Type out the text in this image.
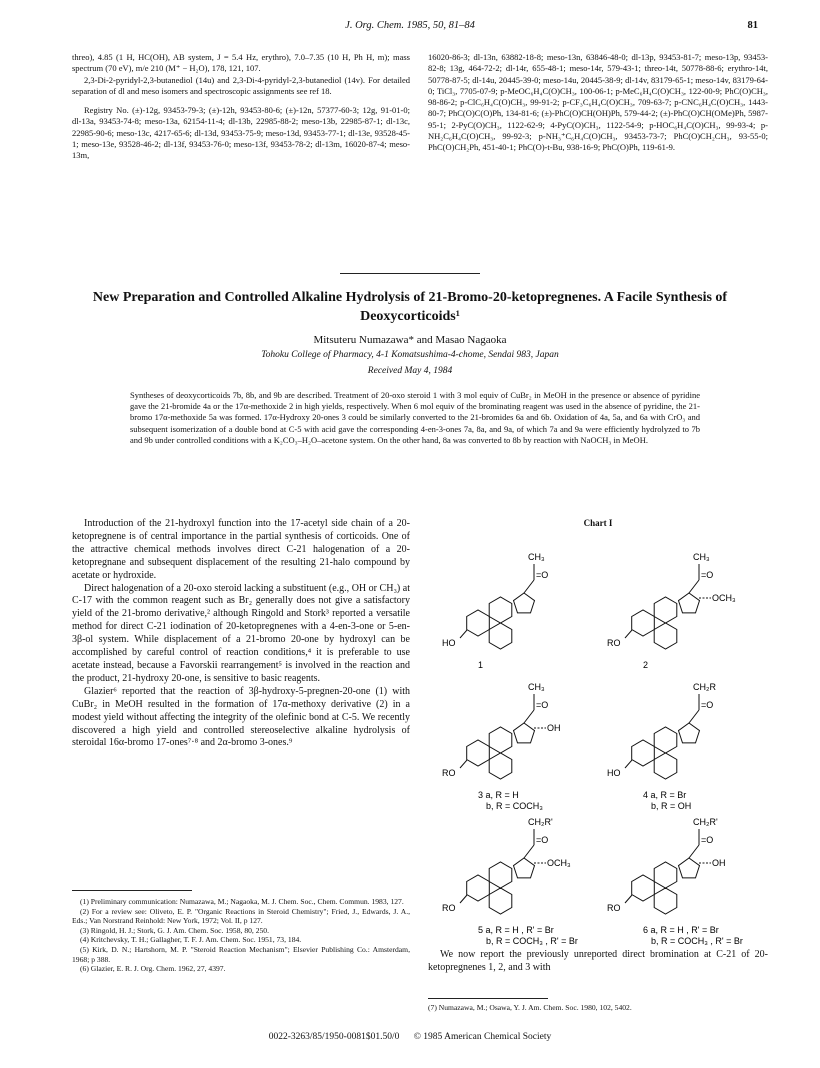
J. Org. Chem. 1985, 50, 81–84	81

threo), 4.85 (1 H, HC(OH), AB system, J = 5.4 Hz, erythro), 7.0–7.35 (10 H, Ph H, m); mass spectrum (70 eV), m/e 210 (M⁺ − H₂O), 178, 121, 107.

2,3-Di-2-pyridyl-2,3-butanediol (14u) and 2,3-Di-4-pyridyl-2,3-butanediol (14v). For detailed separation of dl and meso isomers and spectroscopic assignments see ref 18.

Registry No. (±)-12g, 93453-79-3; (±)-12h, 93453-80-6; (±)-12n, 57377-60-3; 12g, 91-01-0; dl-13a, 93453-74-8; meso-13a, 62154-11-4; dl-13b, 22985-88-2; meso-13b, 22985-87-1; dl-13c, 22985-90-6; meso-13c, 4217-65-6; dl-13d, 93453-75-9; meso-13d, 93453-77-1; dl-13e, 93528-45-1; meso-13e, 93528-46-2; dl-13f, 93453-76-0; meso-13f, 93453-78-2; dl-13m, 16020-87-4; meso-13m,

16020-86-3; dl-13n, 63882-18-8; meso-13n, 63846-48-0; dl-13p, 93453-81-7; meso-13p, 93453-82-8; 13g, 464-72-2; dl-14r, 655-48-1; meso-14r, 579-43-1; threo-14t, 50778-88-6; erythro-14t, 50778-87-5; dl-14u, 20445-39-0; meso-14u, 20445-38-9; dl-14v, 83179-65-1; meso-14v, 83179-64-0; TiCl₃, 7705-07-9; p-MeOC₆H₄C(O)CH₃, 100-06-1; p-MeC₆H₄C(O)CH₃, 122-00-9; PhC(O)CH₃, 98-86-2; p-ClC₆H₄C(O)CH₃, 99-91-2; p-CF₃C₆H₄C(O)CH₃, 709-63-7; p-CNC₆H₄C(O)CH₃, 1443-80-7; PhC(O)C(O)Ph, 134-81-6; (±)-PhC(O)CH(OH)Ph, 579-44-2; (±)-PhC(O)CH(OMe)Ph, 5987-95-1; 2-PyC(O)CH₃, 1122-62-9; 4-PyC(O)CH₃, 1122-54-9; p-HOC₆H₄C(O)CH₃, 99-93-4; p-NH₂C₆H₄C(O)CH₃, 99-92-3; p-NH₃⁺C₆H₄C(O)CH₃, 93453-73-7; PhC(O)CH₂CH₃, 93-55-0; PhC(O)CH₂Ph, 451-40-1; PhC(O)-t-Bu, 938-16-9; PhC(O)Ph, 119-61-9.

New Preparation and Controlled Alkaline Hydrolysis of 21-Bromo-20-ketopregnenes. A Facile Synthesis of Deoxycorticoids¹
Mitsuteru Numazawa* and Masao Nagaoka
Tohoku College of Pharmacy, 4-1 Komatsushima-4-chome, Sendai 983, Japan
Received May 4, 1984
Syntheses of deoxycorticoids 7b, 8b, and 9b are described. Treatment of 20-oxo steroid 1 with 3 mol equiv of CuBr₂ in MeOH in the presence or absence of pyridine gave the 21-bromide 4a or the 17α-methoxide 2 in high yields, respectively. When 6 mol equiv of the brominating reagent was used in the absence of pyridine, the 21-bromo 17α-methoxide 5a was formed. 17α-Hydroxy 20-ones 3 could be similarly converted to the 21-bromides 6a and 6b. Oxidation of 4a, 5a, and 6a with CrO₃ and subsequent isomerization of a double bond at C-5 with acid gave the corresponding 4-en-3-ones 7a, 8a, and 9a, of which 7a and 9a were efficiently hydrolyzed to 7b and 9b under controlled conditions with a K₂CO₃–H₂O–acetone system. On the other hand, 8a was converted to 8b by reaction with NaOCH₃ in MeOH.

Introduction of the 21-hydroxyl function into the 17-acetyl side chain of a 20-ketopregnene is of central importance in the partial synthesis of corticoids. One of the attractive chemical methods involves direct C-21 halogenation of a 20-ketopregnane and subsequent displacement of the resulting 21-halo compound by acetate or hydroxide.

Direct halogenation of a 20-oxo steroid lacking a substituent (e.g., OH or CH₃) at C-17 with the common reagent such as Br₂ generally does not give a satisfactory yield of the 21-bromo derivative,² although Ringold and Stork³ reported a versatile method for direct C-21 iodination of 20-ketopregnenes with a 4-en-3-one or 5-en-3β-ol system. While displacement of a 21-bromo 20-one by hydroxyl can be accomplished by careful control of reaction conditions,⁴ it is preferable to use acetate instead, because a Favorskii rearrangement⁵ is involved in the reaction and the product, 21-hydroxy 20-one, is sensitive to basic reagents.

Glazier⁶ reported that the reaction of 3β-hydroxy-5-pregnen-20-one (1) with CuBr₂ in MeOH resulted in the formation of 17α-methoxy derivative (2) in a modest yield without affecting the integrity of the olefinic bond at C-5. We recently discovered a high yield and controlled stereoselective alkaline hydrolysis of steroidal 16α-bromo 17-ones⁷·⁸ and 2α-bromo 3-ones.⁹

(1) Preliminary communication: Numazawa, M.; Nagaoka, M. J. Chem. Soc., Chem. Commun. 1983, 127.

(2) For a review see: Oliveto, E. P. "Organic Reactions in Steroid Chemistry"; Fried, J., Edwards, J. A., Eds.; Van Norstrand Reinhold: New York, 1972; Vol. II, p 127.

(3) Ringold, H. J.; Stork, G. J. Am. Chem. Soc. 1958, 80, 250.

(4) Kritchevsky, T. H.; Gallagher, T. F. J. Am. Chem. Soc. 1951, 73, 184.

(5) Kirk, D. N.; Hartshorn, M. P. "Steroid Reaction Mechanism"; Elsevier Publishing Co.: Amsterdam, 1968; p 388.

(6) Glazier, E. R. J. Org. Chem. 1962, 27, 4397.

Chart I
CH₃
=O
HO
1
CH₃
=O
OCH₃
RO
2
CH₃
=O
OH
RO
3 a, R = H
b, R = COCH₃
CH₂R
=O
HO
4 a, R = Br
b, R = OH
CH₂R'
=O
OCH₃
RO
5 a, R = H , R' = Br
b, R = COCH₃ , R' = Br
CH₂R'
=O
OH
RO
6 a, R = H , R' = Br
b, R = COCH₃ , R' = Br

We now report the previously unreported direct bromination at C-21 of 20-ketopregnenes 1, 2, and 3 with

(7) Numazawa, M.; Osawa, Y. J. Am. Chem. Soc. 1980, 102, 5402.
0022-3263/85/1950-0081$01.50/0 © 1985 American Chemical Society
